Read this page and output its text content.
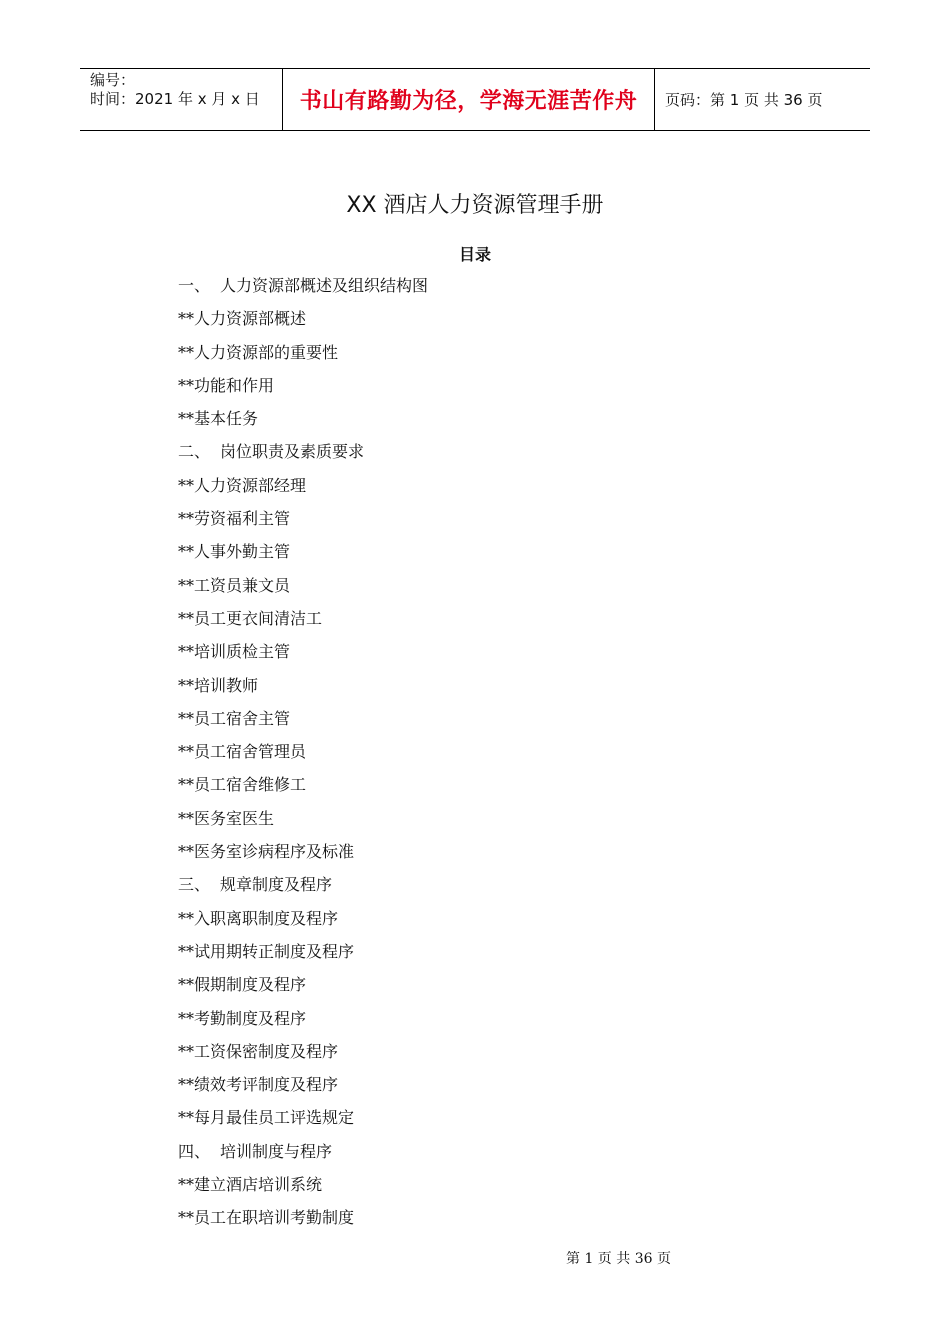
编号：
时间：2021 年 x 月 x 日	书山有路勤为径，学海无涯苦作舟	页码：第 1 页 共 36 页
XX 酒店人力资源管理手册
目录
一、 人力资源部概述及组织结构图
**人力资源部概述
**人力资源部的重要性
**功能和作用
**基本任务
二、 岗位职责及素质要求
**人力资源部经理
**劳资福利主管
**人事外勤主管
**工资员兼文员
**员工更衣间清洁工
**培训质检主管
**培训教师
**员工宿舍主管
**员工宿舍管理员
**员工宿舍维修工
**医务室医生
**医务室诊病程序及标准
三、 规章制度及程序
**入职离职制度及程序
**试用期转正制度及程序
**假期制度及程序
**考勤制度及程序
**工资保密制度及程序
**绩效考评制度及程序
**每月最佳员工评选规定
四、 培训制度与程序
**建立酒店培训系统
**员工在职培训考勤制度
第 1 页 共 36 页
